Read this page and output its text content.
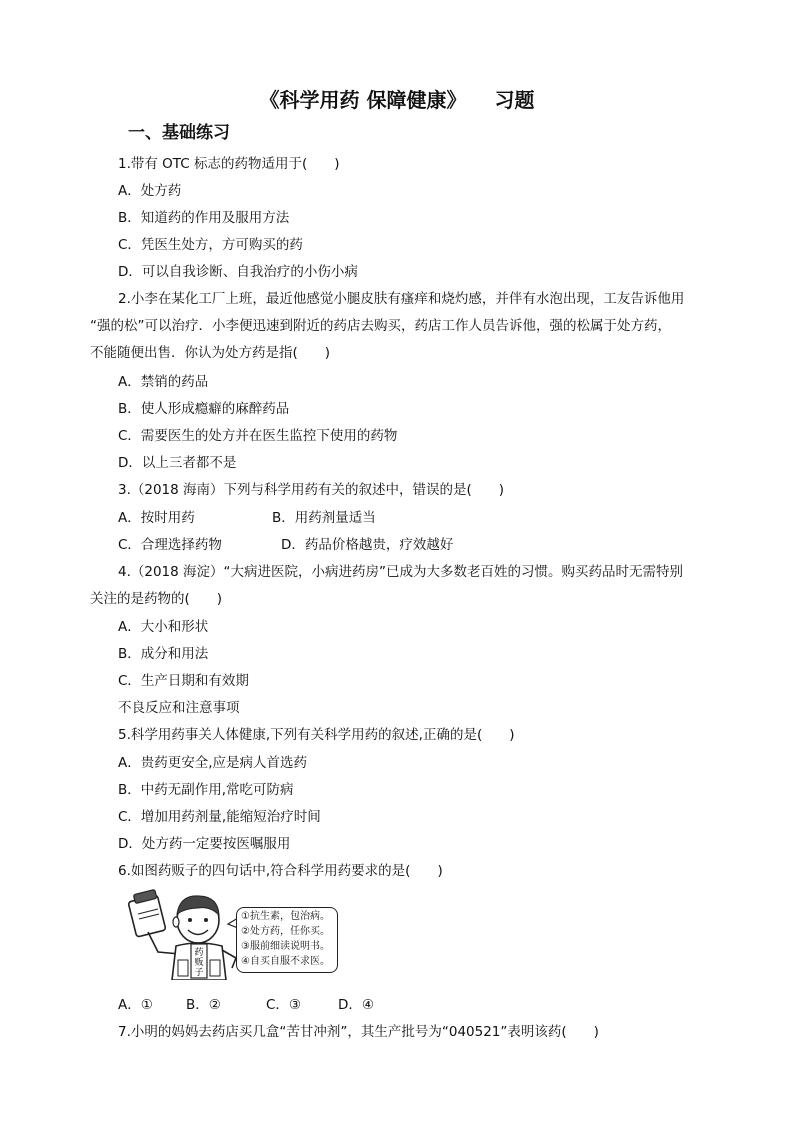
《科学用药 保障健康》 习题
一、基础练习
1.带有 OTC 标志的药物适用于(　　)
A．处方药
B．知道药的作用及服用方法
C．凭医生处方，方可购买的药
D．可以自我诊断、自我治疗的小伤小病
2.小李在某化工厂上班，最近他感觉小腿皮肤有瘙痒和烧灼感，并伴有水泡出现，工友告诉他用
“强的松”可以治疗．小李便迅速到附近的药店去购买，药店工作人员告诉他，强的松属于处方药，
不能随便出售．你认为处方药是指(　　)
A．禁销的药品
B．使人形成瘾癖的麻醉药品
C．需要医生的处方并在医生监控下使用的药物
D．以上三者都不是
3.（2018 海南）下列与科学用药有关的叙述中，错误的是(　　)
A．按时用药	B．用药剂量适当
C．合理选择药物	D．药品价格越贵，疗效越好
4.（2018 海淀）“大病进医院，小病进药房”已成为大多数老百姓的习惯。购买药品时无需特别
关注的是药物的(　　)
A．大小和形状
B．成分和用法
C．生产日期和有效期
不良反应和注意事项
5.科学用药事关人体健康,下列有关科学用药的叙述,正确的是(　　)
A．贵药更安全,应是病人首选药
B．中药无副作用,常吃可防病
C．增加用药剂量,能缩短治疗时间
D．处方药一定要按医嘱服用
6.如图药贩子的四句话中,符合科学用药要求的是(　　)
药
贩
子
①抗生素，包治病。
②处方药，任你买。
③服前细读说明书。
④自买自服不求医。
A．① B．②	C．③	D．④
7.小明的妈妈去药店买几盒“苦甘冲剂”，其生产批号为“040521”表明该药(　　)
